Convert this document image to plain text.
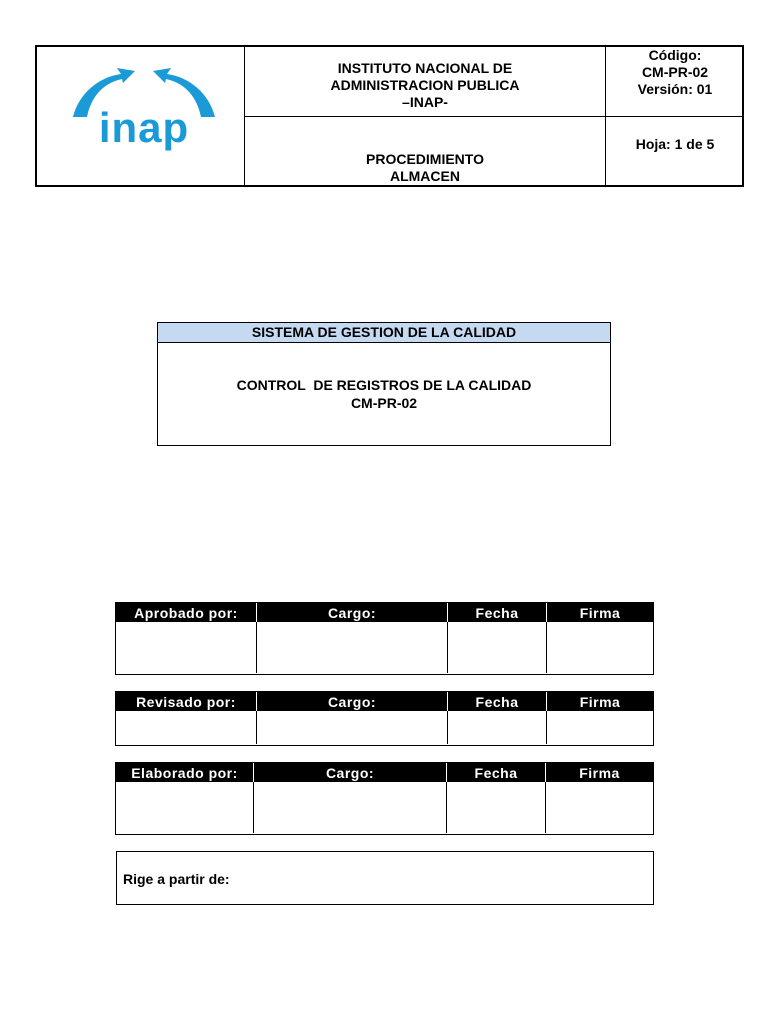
inap
INSTITUTO NACIONAL DE
ADMINISTRACION PUBLICA
–INAP-
Código:
CM-PR-02
Versión: 01
PROCEDIMIENTO
ALMACEN
Hoja: 1 de 5
SISTEMA DE GESTION DE LA CALIDAD
CONTROL  DE REGISTROS DE LA CALIDAD
CM-PR-02
Aprobado por:	Cargo:	Fecha	Firma
Revisado por:	Cargo:	Fecha	Firma
Elaborado por:	Cargo:	Fecha	Firma
Rige a partir de:
